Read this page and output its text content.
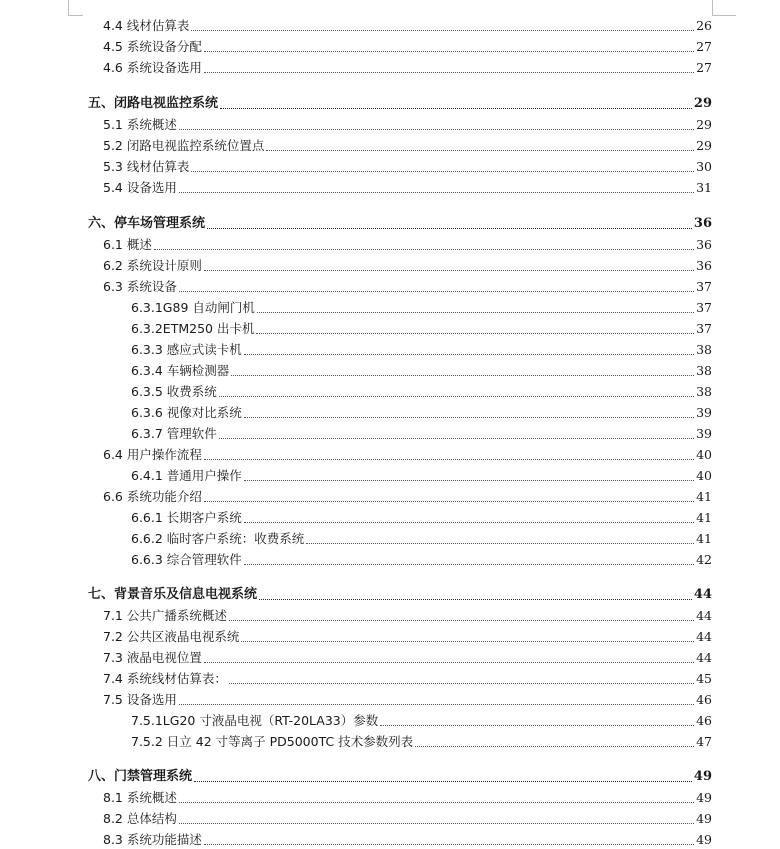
4.4 线材估算表	26
4.5 系统设备分配	27
4.6 系统设备选用	27
五、闭路电视监控系统	29
5.1 系统概述	29
5.2 闭路电视监控系统位置点	29
5.3 线材估算表	30
5.4 设备选用	31
六、停车场管理系统	36
6.1 概述	36
6.2 系统设计原则	36
6.3 系统设备	37
6.3.1G89 自动闸门机	37
6.3.2ETM250 出卡机	37
6.3.3 感应式读卡机	38
6.3.4 车辆检测器	38
6.3.5 收费系统	38
6.3.6 视像对比系统	39
6.3.7 管理软件	39
6.4 用户操作流程	40
6.4.1 普通用户操作	40
6.6 系统功能介绍	41
6.6.1 长期客户系统	41
6.6.2 临时客户系统：收费系统	41
6.6.3 综合管理软件	42
七、背景音乐及信息电视系统	44
7.1 公共广播系统概述	44
7.2 公共区液晶电视系统	44
7.3 液晶电视位置	44
7.4 系统线材估算表：	45
7.5 设备选用	46
7.5.1LG20 寸液晶电视（RT-20LA33）参数	46
7.5.2 日立 42 寸等离子 PD5000TC 技术参数列表	47
八、门禁管理系统	49
8.1 系统概述	49
8.2 总体结构	49
8.3 系统功能描述	49
